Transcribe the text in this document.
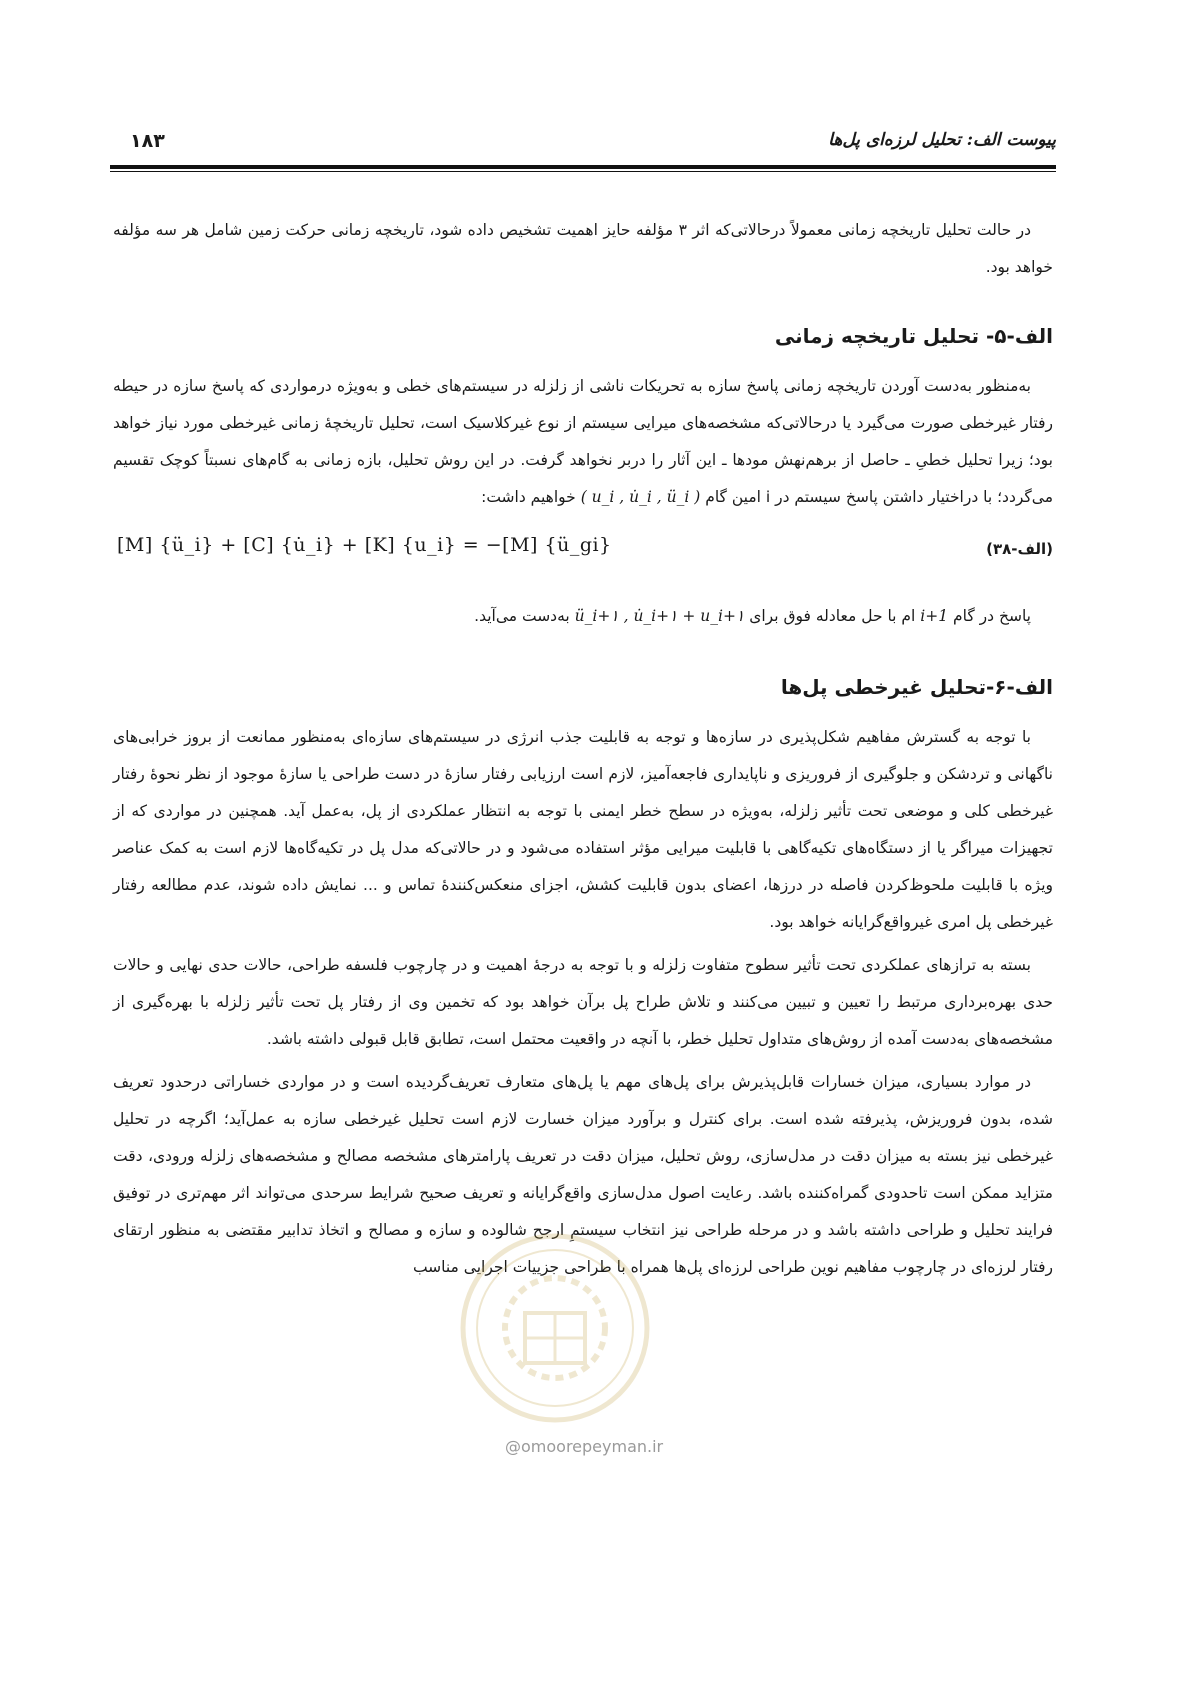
۱۸۳	پیوست الف: تحلیل لرزه‌ای پل‌ها

در حالت تحلیل تاریخچه زمانی معمولاً درحالاتی‌که اثر ۳ مؤلفه حایز اهمیت تشخیص داده شود، تاریخچه زمانی حرکت زمین شامل هر سه مؤلفه خواهد بود.

الف-۵- تحلیل تاریخچه زمانی

به‌منظور به‌دست آوردن تاریخچه زمانی پاسخ سازه به تحریکات ناشی از زلزله در سیستم‌های خطی و به‌ویژه درمواردی که پاسخ سازه در حیطه رفتار غیرخطی صورت می‌گیرد یا درحالاتی‌که مشخصه‌های میرایی سیستم از نوع غیرکلاسیک است، تحلیل تاریخچهٔ زمانی غیرخطی مورد نیاز خواهد بود؛ زیرا تحلیل خطیِ ـ حاصل از برهم‌نهش مودها ـ این آثار را دربر نخواهد گرفت. در این روش تحلیل، بازه زمانی به گام‌های نسبتاً کوچک تقسیم می‌گردد؛ با دراختیار داشتن پاسخ سیستم در i امین گام ( u_i , u̇_i , ü_i ) خواهیم داشت:

(الف-۳۸)
[M] {ü_i} + [C] {u̇_i} + [K] {u_i} = −[M] {ü_gi}

پاسخ در گام i+1 ام با حل معادله فوق برای ü_i+۱ , u̇_i+۱ + u_i+۱ به‌دست می‌آید.

الف-۶-تحلیل غیرخطی پل‌ها

با توجه به گسترش مفاهیم شکل‌پذیری در سازه‌ها و توجه به قابلیت جذب انرژی در سیستم‌های سازه‌ای به‌منظور ممانعت از بروز خرابی‌های ناگهانی و تردشکن و جلوگیری از فروریزی و ناپایداری فاجعه‌آمیز، لازم است ارزیابی رفتار سازهٔ در دست طراحی یا سازهٔ موجود از نظر نحوهٔ رفتار غیرخطی کلی و موضعی تحت تأثیر زلزله، به‌ویژه در سطح خطر ایمنی با توجه به انتظار عملکردی از پل، به‌عمل آید. همچنین در مواردی که از تجهیزات میراگر یا از دستگاه‌های تکیه‌گاهی با قابلیت میرایی مؤثر استفاده می‌شود و در حالاتی‌که مدل پل در تکیه‌گاه‌ها لازم است به کمک عناصر ویژه با قابلیت ملحوظ‌کردن فاصله در درزها، اعضای بدون قابلیت کشش، اجزای منعکس‌کنندهٔ تماس و ... نمایش داده شوند، عدم مطالعه رفتار غیرخطی پل امری غیرواقع‌گرایانه خواهد بود.

بسته به ترازهای عملکردی تحت تأثیر سطوح متفاوت زلزله و با توجه به درجهٔ اهمیت و در چارچوب فلسفه طراحی، حالات حدی نهایی و حالات حدی بهره‌برداری مرتبط را تعیین و تبیین می‌کنند و تلاش طراح پل برآن خواهد بود که تخمین وی از رفتار پل تحت تأثیر زلزله با بهره‌گیری از مشخصه‌های به‌دست آمده از روش‌های متداول تحلیل خطر، با آنچه در واقعیت محتمل است، تطابق قابل قبولی داشته باشد.

در موارد بسیاری، میزان خسارات قابل‌پذیرش برای پل‌های مهم یا پل‌های متعارف تعریف‌گردیده است و در مواردی خساراتی درحدود تعریف شده، بدون فروریزش، پذیرفته شده است. برای کنترل و برآورد میزان خسارت لازم است تحلیل غیرخطی سازه به عمل‌آید؛ اگرچه در تحلیل غیرخطی نیز بسته به میزان دقت در مدل‌سازی، روش تحلیل، میزان دقت در تعریف پارامترهای مشخصه مصالح و مشخصه‌های زلزله ورودی، دقت متزاید ممکن است تاحدودی گمراه‌کننده باشد. رعایت اصول مدل‌سازی واقع‌گرایانه و تعریف صحیح شرایط سرحدی می‌تواند اثر مهم‌تری در توفیق فرایند تحلیل و طراحی داشته باشد و در مرحله طراحی نیز انتخاب سیستمِ ارجح شالوده و سازه و مصالح و اتخاذ تدابیر مقتضی به منظور ارتقای رفتار لرزه‌ای در چارچوب مفاهیم نوین طراحی لرزه‌ای پل‌ها همراه با طراحی جزییات اجرایی مناسب

@omoorepeyman.ir
